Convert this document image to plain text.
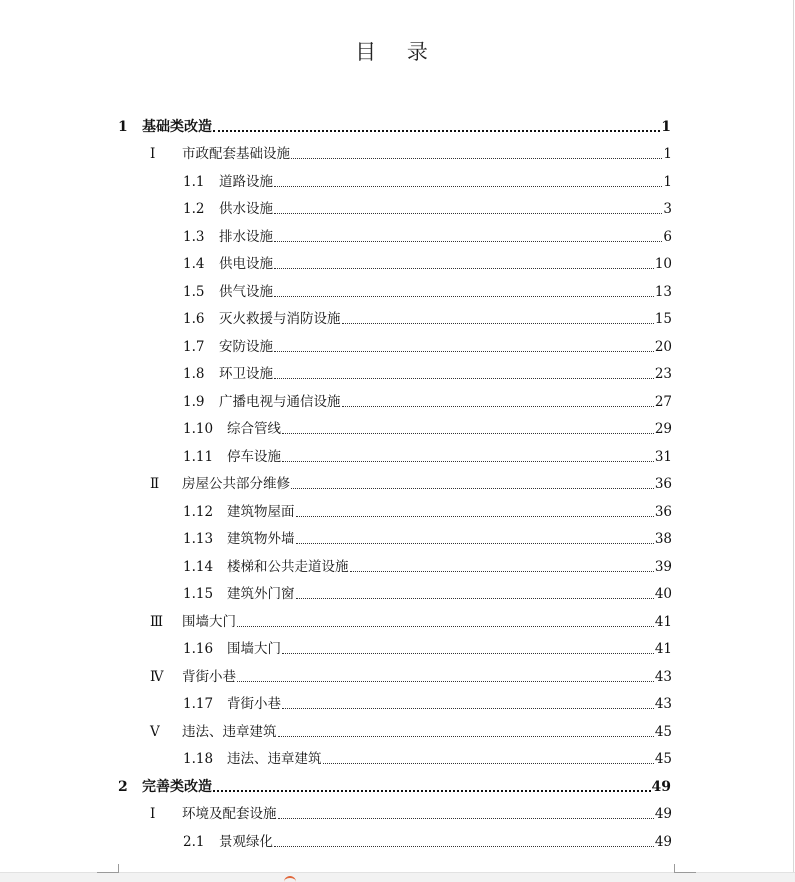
目 录
1	基础类改造	1
Ⅰ	市政配套基础设施	1
1.1	道路设施	1
1.2	供水设施	3
1.3	排水设施	6
1.4	供电设施	10
1.5	供气设施	13
1.6	灭火救援与消防设施	15
1.7	安防设施	20
1.8	环卫设施	23
1.9	广播电视与通信设施	27
1.10	综合管线	29
1.11	停车设施	31
Ⅱ	房屋公共部分维修	36
1.12	建筑物屋面	36
1.13	建筑物外墙	38
1.14	楼梯和公共走道设施	39
1.15	建筑外门窗	40
Ⅲ	围墙大门	41
1.16	围墙大门	41
Ⅳ	背街小巷	43
1.17	背街小巷	43
Ⅴ	违法、违章建筑	45
1.18	违法、违章建筑	45
2	完善类改造	49
Ⅰ	环境及配套设施	49
2.1	景观绿化	49
